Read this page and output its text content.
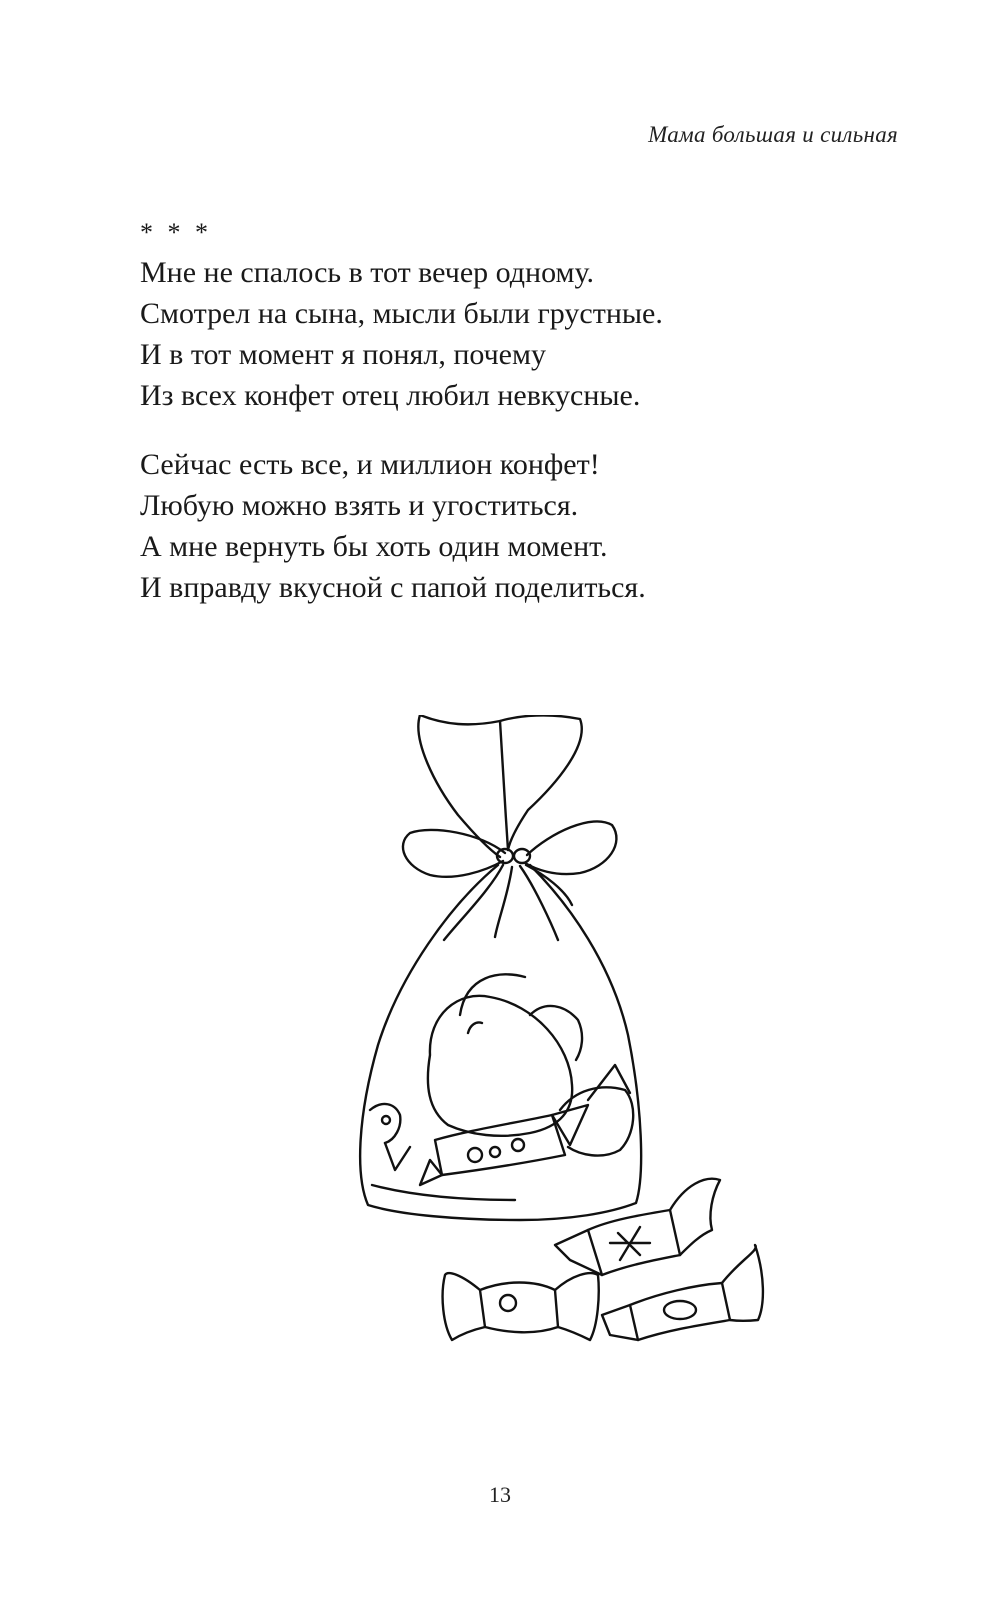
Мама большая и сильная
* * *
Мне не спалось в тот вечер одному.
Смотрел на сына, мысли были грустные.
И в тот момент я понял, почему
Из всех конфет отец любил невкусные.
Сейчас есть все, и миллион конфет!
Любую можно взять и угоститься.
А мне вернуть бы хоть один момент.
И вправду вкусной с папой поделиться.
13
